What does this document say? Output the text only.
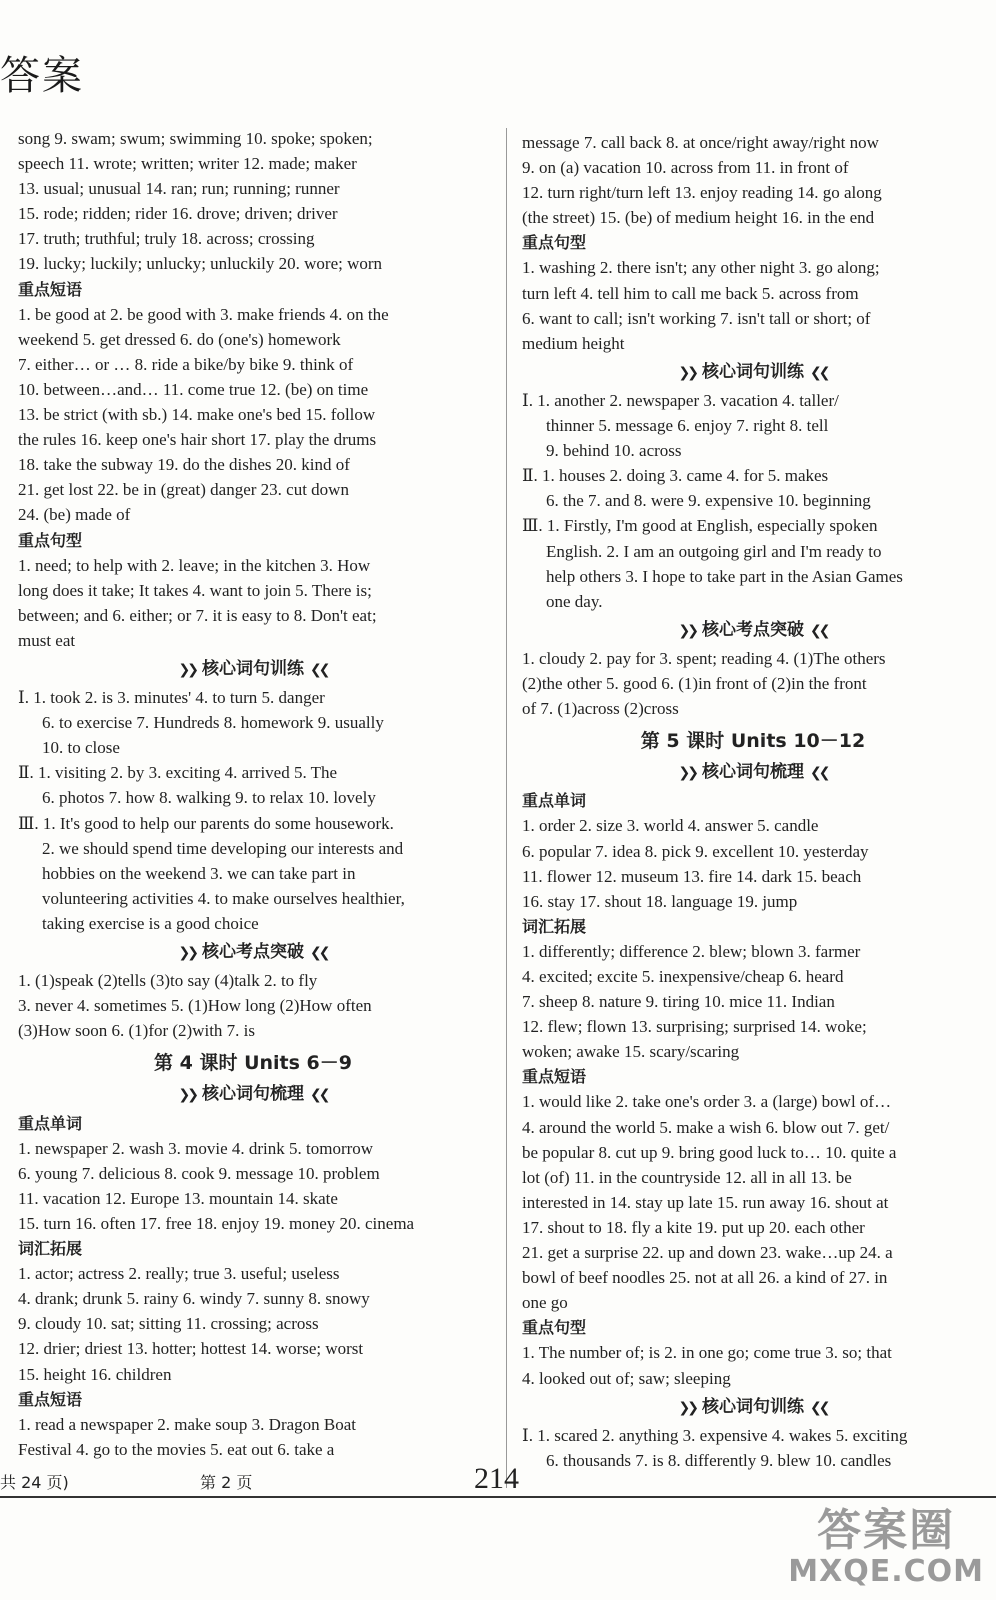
答案
song 9. swam; swum; swimming 10. spoke; spoken;
speech 11. wrote; written; writer 12. made; maker
13. usual; unusual 14. ran; run; running; runner
15. rode; ridden; rider 16. drove; driven; driver
17. truth; truthful; truly 18. across; crossing
19. lucky; luckily; unlucky; unluckily 20. wore; worn
重点短语
1. be good at 2. be good with 3. make friends 4. on the
weekend 5. get dressed 6. do (one's) homework
7. either… or … 8. ride a bike/by bike 9. think of
10. between…and… 11. come true 12. (be) on time
13. be strict (with sb.) 14. make one's bed 15. follow
the rules 16. keep one's hair short 17. play the drums
18. take the subway 19. do the dishes 20. kind of
21. get lost 22. be in (great) danger 23. cut down
24. (be) made of
重点句型
1. need; to help with 2. leave; in the kitchen 3. How
long does it take; It takes 4. want to join 5. There is;
between; and 6. either; or 7. it is easy to 8. Don't eat;
must eat
❯❯ 核心词句训练 ❮❮
Ⅰ. 1. took 2. is 3. minutes' 4. to turn 5. danger
6. to exercise 7. Hundreds 8. homework 9. usually
10. to close
Ⅱ. 1. visiting 2. by 3. exciting 4. arrived 5. The
6. photos 7. how 8. walking 9. to relax 10. lovely
Ⅲ. 1. It's good to help our parents do some housework.
2. we should spend time developing our interests and
hobbies on the weekend 3. we can take part in
volunteering activities 4. to make ourselves healthier,
taking exercise is a good choice
❯❯ 核心考点突破 ❮❮
1. (1)speak (2)tells (3)to say (4)talk 2. to fly
3. never 4. sometimes 5. (1)How long (2)How often
(3)How soon 6. (1)for (2)with 7. is
第 4 课时 Units 6－9
❯❯ 核心词句梳理 ❮❮
重点单词
1. newspaper 2. wash 3. movie 4. drink 5. tomorrow
6. young 7. delicious 8. cook 9. message 10. problem
11. vacation 12. Europe 13. mountain 14. skate
15. turn 16. often 17. free 18. enjoy 19. money 20. cinema
词汇拓展
1. actor; actress 2. really; true 3. useful; useless
4. drank; drunk 5. rainy 6. windy 7. sunny 8. snowy
9. cloudy 10. sat; sitting 11. crossing; across
12. drier; driest 13. hotter; hottest 14. worse; worst
15. height 16. children
重点短语
1. read a newspaper 2. make soup 3. Dragon Boat
Festival 4. go to the movies 5. eat out 6. take a
message 7. call back 8. at once/right away/right now
9. on (a) vacation 10. across from 11. in front of
12. turn right/turn left 13. enjoy reading 14. go along
(the street) 15. (be) of medium height 16. in the end
重点句型
1. washing 2. there isn't; any other night 3. go along;
turn left 4. tell him to call me back 5. across from
6. want to call; isn't working 7. isn't tall or short; of
medium height
❯❯ 核心词句训练 ❮❮
Ⅰ. 1. another 2. newspaper 3. vacation 4. taller/
thinner 5. message 6. enjoy 7. right 8. tell
9. behind 10. across
Ⅱ. 1. houses 2. doing 3. came 4. for 5. makes
6. the 7. and 8. were 9. expensive 10. beginning
Ⅲ. 1. Firstly, I'm good at English, especially spoken
English. 2. I am an outgoing girl and I'm ready to
help others 3. I hope to take part in the Asian Games
one day.
❯❯ 核心考点突破 ❮❮
1. cloudy 2. pay for 3. spent; reading 4. (1)The others
(2)the other 5. good 6. (1)in front of (2)in the front
of 7. (1)across (2)cross
第 5 课时 Units 10－12
❯❯ 核心词句梳理 ❮❮
重点单词
1. order 2. size 3. world 4. answer 5. candle
6. popular 7. idea 8. pick 9. excellent 10. yesterday
11. flower 12. museum 13. fire 14. dark 15. beach
16. stay 17. shout 18. language 19. jump
词汇拓展
1. differently; difference 2. blew; blown 3. farmer
4. excited; excite 5. inexpensive/cheap 6. heard
7. sheep 8. nature 9. tiring 10. mice 11. Indian
12. flew; flown 13. surprising; surprised 14. woke;
woken; awake 15. scary/scaring
重点短语
1. would like 2. take one's order 3. a (large) bowl of…
4. around the world 5. make a wish 6. blow out 7. get/
be popular 8. cut up 9. bring good luck to… 10. quite a
lot (of) 11. in the countryside 12. all in all 13. be
interested in 14. stay up late 15. run away 16. shout at
17. shout to 18. fly a kite 19. put up 20. each other
21. get a surprise 22. up and down 23. wake…up 24. a
bowl of beef noodles 25. not at all 26. a kind of 27. in
one go
重点句型
1. The number of; is 2. in one go; come true 3. so; that
4. looked out of; saw; sleeping
❯❯ 核心词句训练 ❮❮
Ⅰ. 1. scared 2. anything 3. expensive 4. wakes 5. exciting
6. thousands 7. is 8. differently 9. blew 10. candles
共 24 页)	第 2 页	214
答案圈
MXQE.COM
